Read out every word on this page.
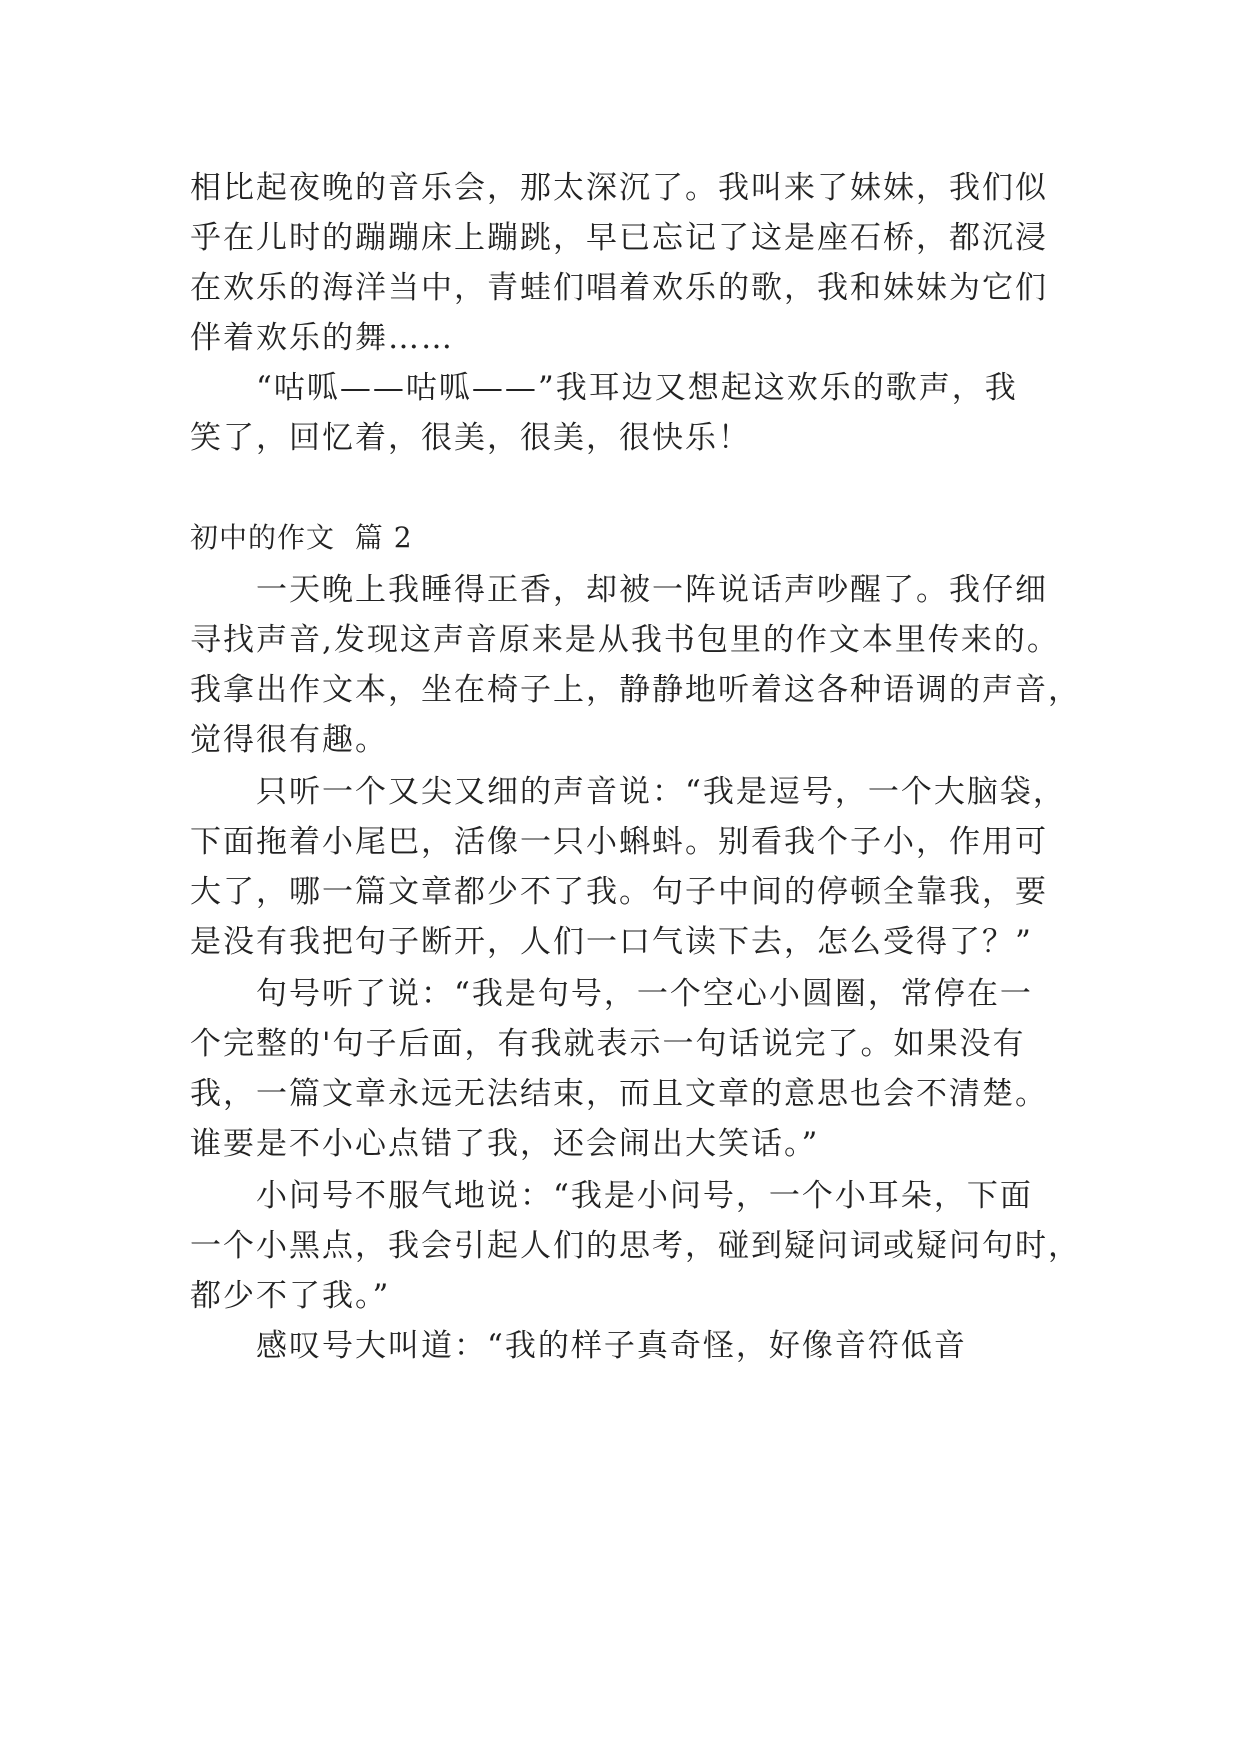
相比起夜晚的音乐会，那太深沉了。我叫来了妹妹，我们似
乎在儿时的蹦蹦床上蹦跳，早已忘记了这是座石桥，都沉浸
在欢乐的海洋当中，青蛙们唱着欢乐的歌，我和妹妹为它们
伴着欢乐的舞……
“咕呱——咕呱——”我耳边又想起这欢乐的歌声，我
笑了，回忆着，很美，很美，很快乐！
初中的作文  篇 2
一天晚上我睡得正香，却被一阵说话声吵醒了。我仔细
寻找声音,发现这声音原来是从我书包里的作文本里传来的。
我拿出作文本，坐在椅子上，静静地听着这各种语调的声音，
觉得很有趣。
只听一个又尖又细的声音说：“我是逗号，一个大脑袋，
下面拖着小尾巴，活像一只小蝌蚪。别看我个子小，作用可
大了，哪一篇文章都少不了我。句子中间的停顿全靠我，要
是没有我把句子断开，人们一口气读下去，怎么受得了？”
句号听了说：“我是句号，一个空心小圆圈，常停在一
个完整的'句子后面，有我就表示一句话说完了。如果没有
我，一篇文章永远无法结束，而且文章的意思也会不清楚。
谁要是不小心点错了我，还会闹出大笑话。”
小问号不服气地说：“我是小问号，一个小耳朵，下面
一个小黑点，我会引起人们的思考，碰到疑问词或疑问句时，
都少不了我。”
感叹号大叫道：“我的样子真奇怪，好像音符低音
